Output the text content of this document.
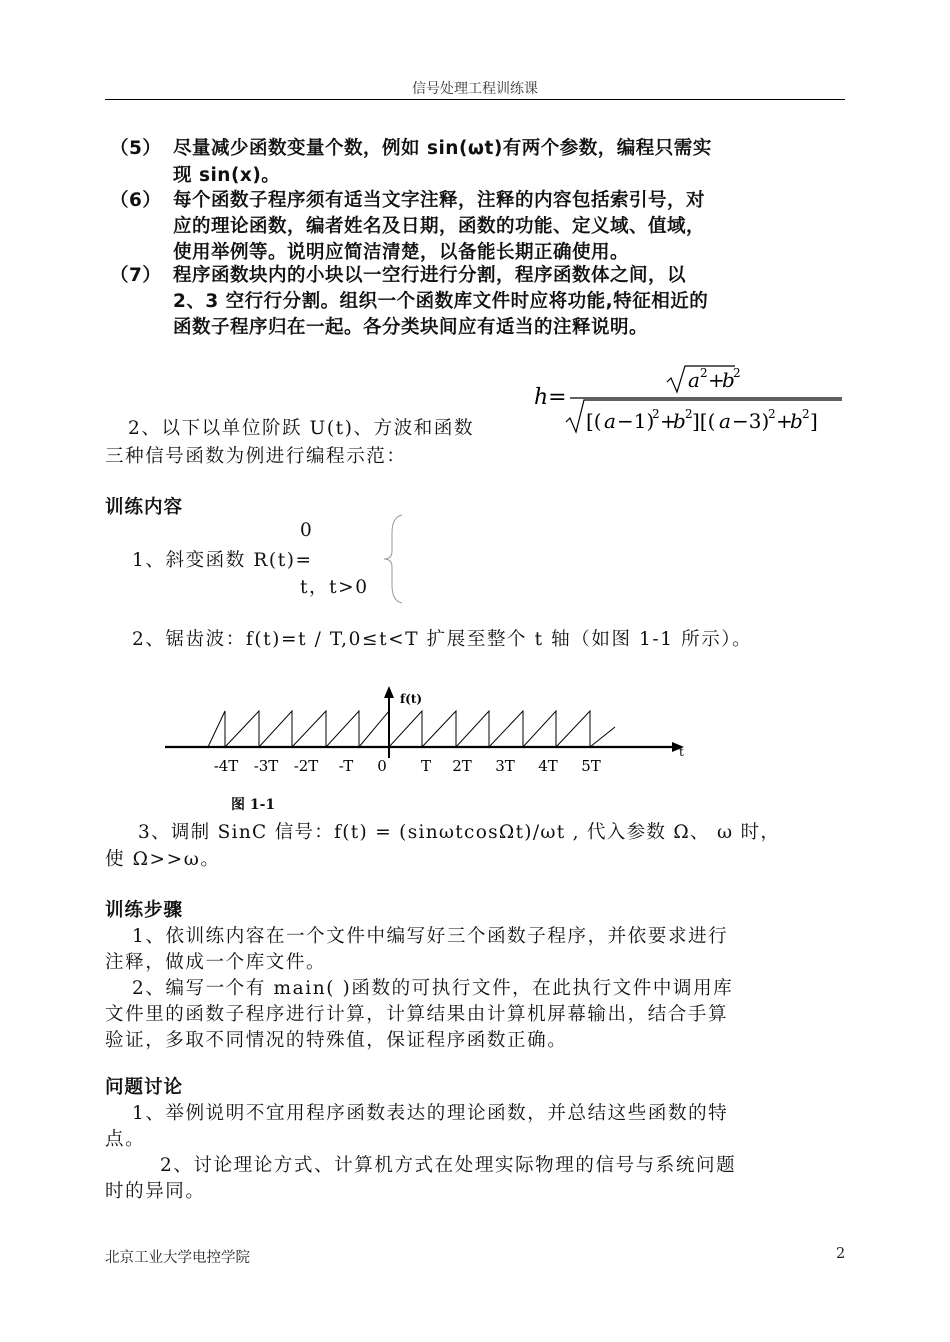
信号处理工程训练课
（5） 尽量减少函数变量个数，例如 sin(ωt)有两个参数，编程只需实
现 sin(x)。
（6） 每个函数子程序须有适当文字注释，注释的内容包括索引号，对
应的理论函数，编者姓名及日期，函数的功能、定义域、值域，
使用举例等。说明应简洁清楚，以备能长期正确使用。
（7） 程序函数块内的小块以一空行进行分割，程序函数体之间，以
2、3 空行行分割。组织一个函数库文件时应将功能,特征相近的
函数子程序归在一起。各分类块间应有适当的注释说明。
h=
a 2 +
b
2
[( a −1)
2 +
b 2 ][( a −3)
2 +
b 2 ]
2、以下以单位阶跃 U(t)、方波和函数
三种信号函数为例进行编程示范：
训练内容
0
1、斜变函数 R(t)=
t，t>0
2、锯齿波：f(t)=t / T,0≤t<T 扩展至整个 t 轴（如图 1-1 所示）。
f(t)
t
-4T -3T -2T -T 0 T 2T 3T 4T 5T
图 1-1
3、调制 SinC 信号：f(t) = (sinωtcosΩt)/ωt , 代入参数 Ω、 ω 时，
使 Ω>>ω。
训练步骤
1、依训练内容在一个文件中编写好三个函数子程序，并依要求进行
注释，做成一个库文件。
2、编写一个有 main( )函数的可执行文件，在此执行文件中调用库
文件里的函数子程序进行计算，计算结果由计算机屏幕输出，结合手算
验证，多取不同情况的特殊值，保证程序函数正确。
问题讨论
1、举例说明不宜用程序函数表达的理论函数，并总结这些函数的特
点。
2、讨论理论方式、计算机方式在处理实际物理的信号与系统问题
时的异同。
北京工业大学电控学院	2
